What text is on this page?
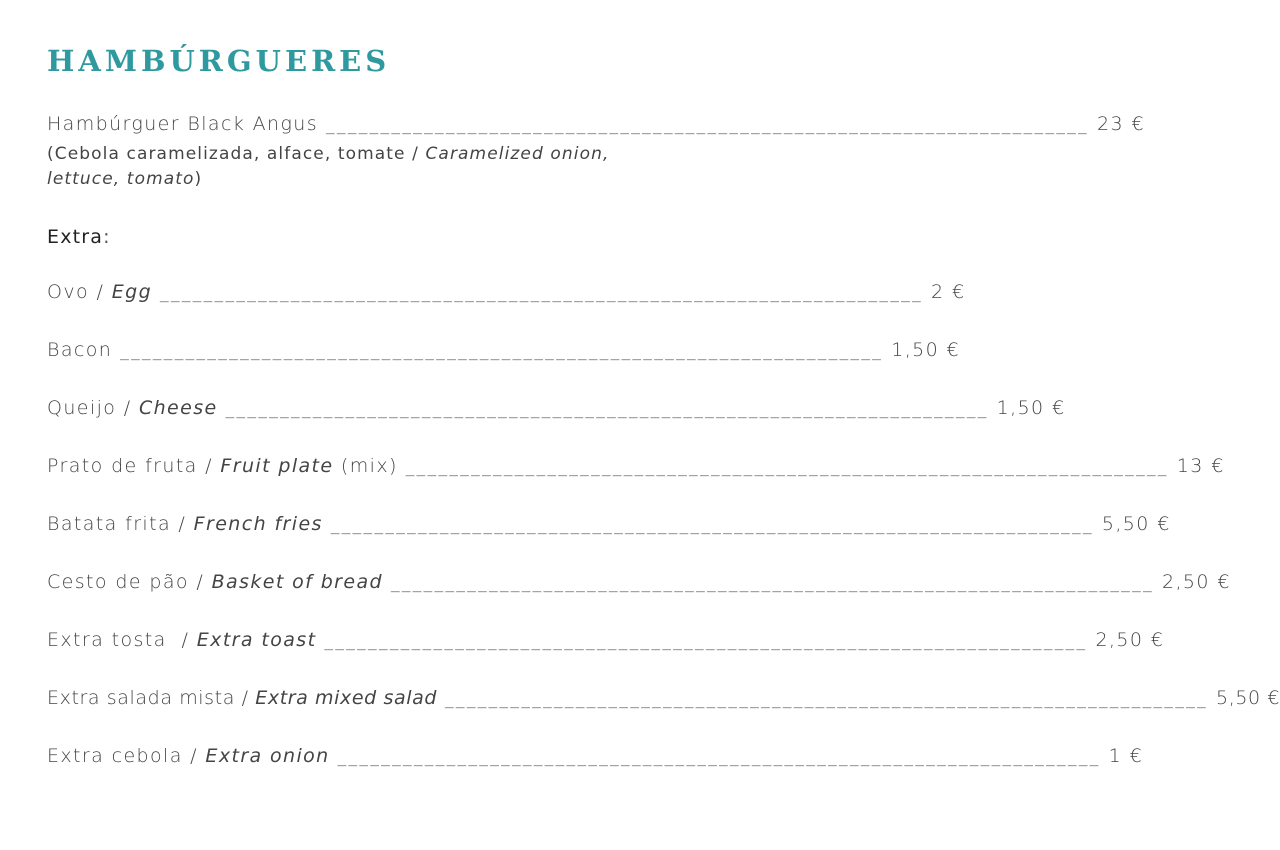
HAMBÚRGUERES
Hambúrguer Black Angus ______________________________________________________________________ 23 €
(Cebola caramelizada, alface, tomate / Caramelized onion, lettuce, tomato)
Extra:
Ovo / Egg ______________________________________________________________________ 2 €
Bacon ______________________________________________________________________ 1,50 €
Queijo / Cheese ______________________________________________________________________ 1,50 €
Prato de fruta / Fruit plate (mix) ______________________________________________________________________ 13 €
Batata frita / French fries ______________________________________________________________________ 5,50 €
Cesto de pão / Basket of bread ______________________________________________________________________ 2,50 €
Extra tosta  / Extra toast ______________________________________________________________________ 2,50 €
Extra salada mista / Extra mixed salad ______________________________________________________________________ 5,50 €
Extra cebola / Extra onion ______________________________________________________________________ 1 €
